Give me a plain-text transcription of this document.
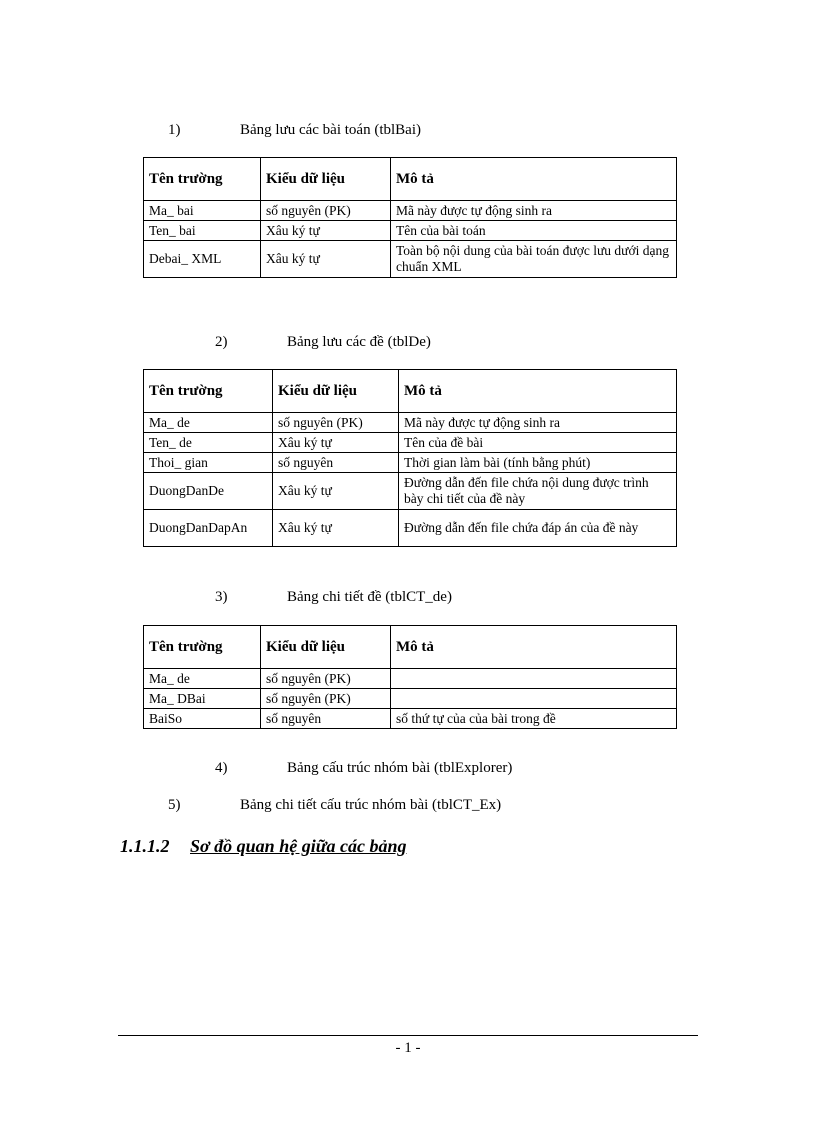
1)	Bảng lưu các bài toán (tblBai)
Tên trường	Kiểu dữ liệu	Mô tả
Ma_ bai	số nguyên (PK)	Mã này được tự động sinh ra
Ten_ bai	Xâu ký tự	Tên của bài toán
Debai_ XML	Xâu ký tự	Toàn bộ nội dung của bài toán được lưu dưới dạng chuẩn XML
2)	Bảng lưu các đề (tblDe)
Tên trường	Kiểu dữ liệu	Mô tả
Ma_ de	số nguyên (PK)	Mã này được tự động sinh ra
Ten_ de	Xâu ký tự	Tên của đề bài
Thoi_ gian	số nguyên	Thời gian làm bài (tính bằng phút)
DuongDanDe	Xâu ký tự	Đường dẫn đến file chứa nội dung được trình bày chi tiết của đề này
DuongDanDapAn	Xâu ký tự	Đường dẫn đến file chứa đáp án của đề này
3)	Bảng chi tiết đề (tblCT_de)
Tên trường	Kiểu dữ liệu	Mô tả
Ma_ de	số nguyên (PK)	
Ma_ DBai	số nguyên (PK)	
BaiSo	số nguyên	số thứ tự của của bài trong đề
4)	Bảng cấu trúc nhóm bài (tblExplorer)
5)	Bảng chi tiết cấu trúc nhóm bài (tblCT_Ex)
1.1.1.2 Sơ đồ quan hệ giữa các bảng
- 1 -
